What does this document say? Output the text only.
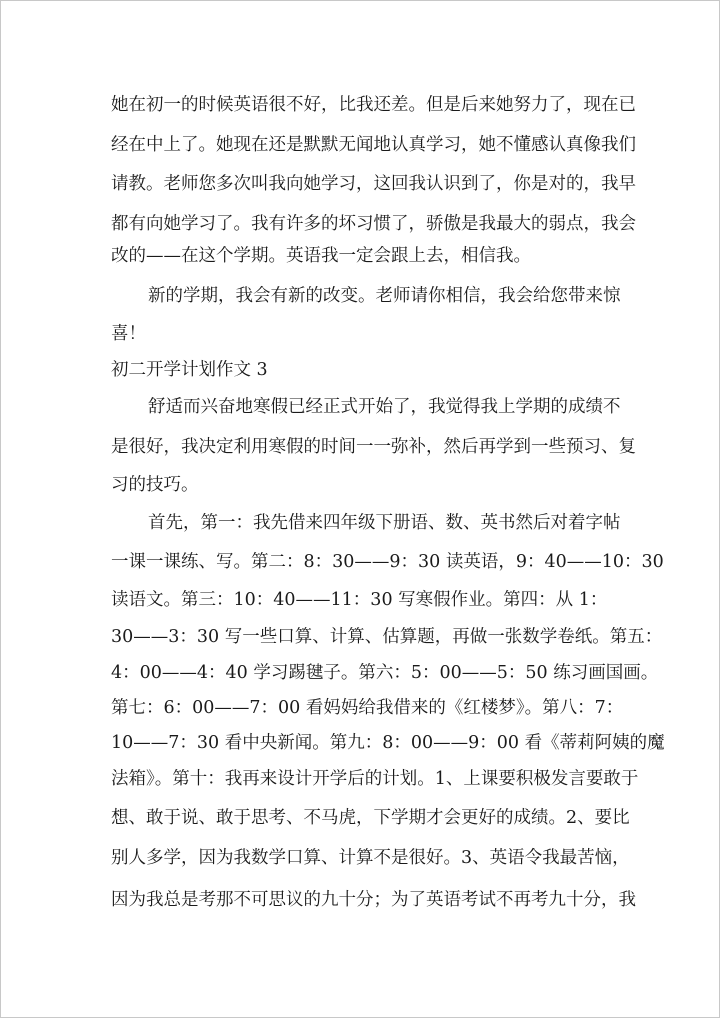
她在初一的时候英语很不好，比我还差。但是后来她努力了，现在已
经在中上了。她现在还是默默无闻地认真学习，她不懂感认真像我们
请教。老师您多次叫我向她学习，这回我认识到了，你是对的，我早
都有向她学习了。我有许多的坏习惯了，骄傲是我最大的弱点，我会
改的——在这个学期。英语我一定会跟上去，相信我。
新的学期，我会有新的改变。老师请你相信，我会给您带来惊
喜！
初二开学计划作文 3
舒适而兴奋地寒假已经正式开始了，我觉得我上学期的成绩不
是很好，我决定利用寒假的时间一一弥补，然后再学到一些预习、复
习的技巧。
首先，第一：我先借来四年级下册语、数、英书然后对着字帖
一课一课练、写。第二：8：30——9：30 读英语，9：40——10：30
读语文。第三：10：40——11：30 写寒假作业。第四：从 1：
30——3：30 写一些口算、计算、估算题，再做一张数学卷纸。第五：
4：00——4：40 学习踢毽子。第六：5：00——5：50 练习画国画。
第七：6：00——7：00 看妈妈给我借来的《红楼梦》。第八：7：
10——7：30 看中央新闻。第九：8：00——9：00 看《蒂莉阿姨的魔
法箱》。第十：我再来设计开学后的计划。1、上课要积极发言要敢于
想、敢于说、敢于思考、不马虎，下学期才会更好的成绩。2、要比
别人多学，因为我数学口算、计算不是很好。3、英语令我最苦恼，
因为我总是考那不可思议的九十分；为了英语考试不再考九十分，我
